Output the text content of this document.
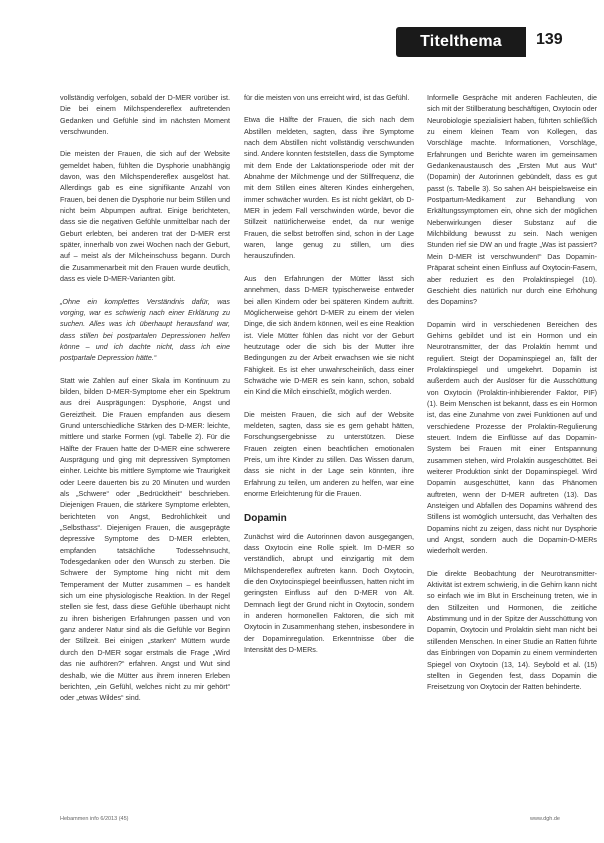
Titelthema 139

vollständig verfolgen, sobald der D-MER vorüber ist. Die bei einem Milchspendereflex auftretenden Gedanken und Gefühle sind im nächsten Moment verschwunden.

Die meisten der Frauen, die sich auf der Website gemeldet haben, fühlten die Dysphorie unabhängig davon, was den Milchspendereflex ausgelöst hat. Allerdings gab es eine signifikante Anzahl von Frauen, bei denen die Dysphorie nur beim Stillen und nicht beim Abpumpen auftrat. Einige berichteten, dass sie die negativen Gefühle unmittelbar nach der Geburt erlebten, bei anderen trat der D-MER erst später, innerhalb von zwei Wochen nach der Geburt, auf – meist als der Milcheinschuss begann. Durch die Zusammenarbeit mit den Frauen wurde deutlich, dass es viele D-MER-Varianten gibt.

„Ohne ein komplettes Verständnis dafür, was vorging, war es schwierig nach einer Erklärung zu suchen. Alles was ich überhaupt herausfand war, dass stillen bei postpartalen Depressionen helfen könne – und ich dachte nicht, dass ich eine postpartale Depression hätte.“

Statt wie Zahlen auf einer Skala im Kontinuum zu bilden, bilden D-MER-Symptome eher ein Spektrum aus drei Ausprägungen: Dysphorie, Angst und Gereiztheit. Die Frauen empfanden aus diesem Grund unterschiedliche Stärken des D-MER: leichte, mittlere und starke Formen (vgl. Tabelle 2). Für die Hälfte der Frauen hatte der D-MER eine schwerere Ausprägung und ging mit depressiven Symptomen einher. Leichte bis mittlere Symptome wie Traurigkeit oder Leere dauerten bis zu 20 Minuten und wurden als „Schwere“ oder „Bedrücktheit“ beschrieben. Diejenigen Frauen, die stärkere Symptome erlebten, berichteten von Angst, Bedrohlichkeit und „Selbsthass“. Diejenigen Frauen, die ausgeprägte depressive Symptome des D-MER erlebten, empfanden tatsächliche Todessehnsucht, Todesgedanken oder den Wunsch zu sterben. Die Schwere der Symptome hing nicht mit dem Temperament der Mutter zusammen – es handelt sich um eine physiologische Reaktion. In der Regel stellen sie fest, dass diese Gefühle überhaupt nicht zu ihren bisherigen Erfahrungen passen und von ganz anderer Natur sind als die Gefühle vor Beginn der Stillzeit. Bei einigen „starken“ Müttern wurde durch den D-MER sogar erstmals die Frage „Wird das nie aufhören?“ erfahren. Angst und Wut sind deshalb, wie die Mütter aus ihrem inneren Erleben berichten, „ein Gefühl, welches nicht zu mir gehört“ oder „etwas Wildes“ sind.

für die meisten von uns erreicht wird, ist das Gefühl.

Etwa die Hälfte der Frauen, die sich nach dem Abstillen meldeten, sagten, dass ihre Symptome nach dem Abstillen nicht vollständig verschwunden sind. Andere konnten feststellen, dass die Symptome mit dem Ende der Laktationsperiode oder mit der Abnahme der Milchmenge und der Stillfrequenz, die mit dem Stillen eines älteren Kindes einhergehen, immer schwächer wurden. Es ist nicht geklärt, ob D-MER in jedem Fall verschwinden würde, bevor die Stillzeit natürlicherweise endet, da nur wenige Frauen, die selbst betroffen sind, schon in der Lage waren, lange genug zu stillen, um dies herauszufinden.

Aus den Erfahrungen der Mütter lässt sich annehmen, dass D-MER typischerweise entweder bei allen Kindern oder bei späteren Kindern auftritt. Möglicherweise gehört D-MER zu einem der vielen Dinge, die sich ändern können, weil es eine Reaktion ist. Viele Mütter fühlen das nicht vor der Geburt heutzutage oder die sich bis der Mutter ihre Bedingungen zu der Arbeit erwachsen wie sie nicht Fähigkeit. Es ist eher unwahrscheinlich, dass einer Schwäche wie D-MER es sein kann, schon, sobald ein Kind die Milch einschießt, möglich werden.

Die meisten Frauen, die sich auf der Website meldeten, sagten, dass sie es gern gehabt hätten, Forschungsergebnisse zu unterstützen. Diese Frauen zeigten einen beachtlichen emotionalen Preis, um ihre Kinder zu stillen. Das Wissen darum, dass sie nicht in der Lage sein könnten, ihre Erfahrung zu teilen, um anderen zu helfen, war eine enorme Erleichterung für die Frauen.

Dopamin

Zunächst wird die Autorinnen davon ausgegangen, dass Oxytocin eine Rolle spielt. Im D-MER so verständlich, abrupt und einzigartig mit dem Milchspendereflex auftreten kann. Doch Oxytocin, die den Oxytocinspiegel beeinflussen, hatten nicht im geringsten Einfluss auf den D-MER von Alt. Demnach liegt der Grund nicht in Oxytocin, sondern in anderen hormonellen Faktoren, die sich mit Oxytocin in Zusammenhang stehen, insbesondere in der Dopaminregulation. Erkenntnisse über die Intensität des D-MERs.

Informelle Gespräche mit anderen Fachleuten, die sich mit der Stillberatung beschäftigen, Oxytocin oder Neurobiologie spezialisiert haben, führten schließlich zu einem kleinen Team von Kollegen, das Vorschläge machte. Informationen, Vorschläge, Erfahrungen und Berichte waren im gemeinsamen Gedankenaustausch des „Ersten Mut aus Wut“ (Dopamin) der Autorinnen gebündelt, dass es gut passt (s. Tabelle 3). So sahen AH beispielsweise ein Postpartum-Medikament zur Behandlung von Erkältungssymptomen ein, ohne sich der möglichen Nebenwirkungen dieser Substanz auf die Milchbildung bewusst zu sein. Nach wenigen Stunden rief sie DW an und fragte „Was ist passiert? Mein D-MER ist verschwunden!“ Das Dopamin-Präparat scheint einen Einfluss auf Oxytocin-Fasern, aber reduziert es den Prolaktinspiegel (10). Geschieht dies natürlich nur durch eine Erhöhung des Dopamins?

Dopamin wird in verschiedenen Bereichen des Gehirns gebildet und ist ein Hormon und ein Neurotransmitter, der das Prolaktin hemmt und reguliert. Steigt der Dopaminspiegel an, fällt der Prolaktinspiegel und umgekehrt. Dopamin ist außerdem auch der Auslöser für die Ausschüttung von Oxytocin (Prolaktin-inhibierender Faktor, PIF) (1). Beim Menschen ist bekannt, dass es ein Hormon ist, das eine Zunahme von zwei Funktionen auf und verschiedene Prozesse der Prolaktin-Regulierung steuert. Indem die Einflüsse auf das Dopamin-System bei Frauen mit einer Entspannung zusammen stehen, wird Prolaktin ausgeschüttet. Bei weiterer Produktion sinkt der Dopaminspiegel. Wird Dopamin ausgeschüttet, kann das Phänomen auftreten, wenn der D-MER auftreten (13). Das Ansteigen und Abfallen des Dopamins während des Stillens ist womöglich untersucht, das Verhalten des Dopamins nicht zu zeigen, dass nicht nur Dysphorie und Angst, sondern auch die Dopamin-D-MERs wiederholt werden.

Die direkte Beobachtung der Neurotransmitter-Aktivität ist extrem schwierig, in die Gehirn kann nicht so einfach wie im Blut in Erscheinung treten, wie in den Stillzeiten und Hormonen, die zeitliche Abstimmung und in der Spitze der Ausschüttung von Dopamin, Oxytocin und Prolaktin sieht man nicht bei stillenden Menschen. In einer Studie an Ratten führte das Einbringen von Dopamin zu einem verminderten Spiegel von Oxytocin (13, 14). Seybold et al. (15) stellten in Gegenden fest, dass Dopamin die Freisetzung von Oxytocin der Ratten behinderte.

Hebammen info 6/2013 (45)	www.dgh.de
